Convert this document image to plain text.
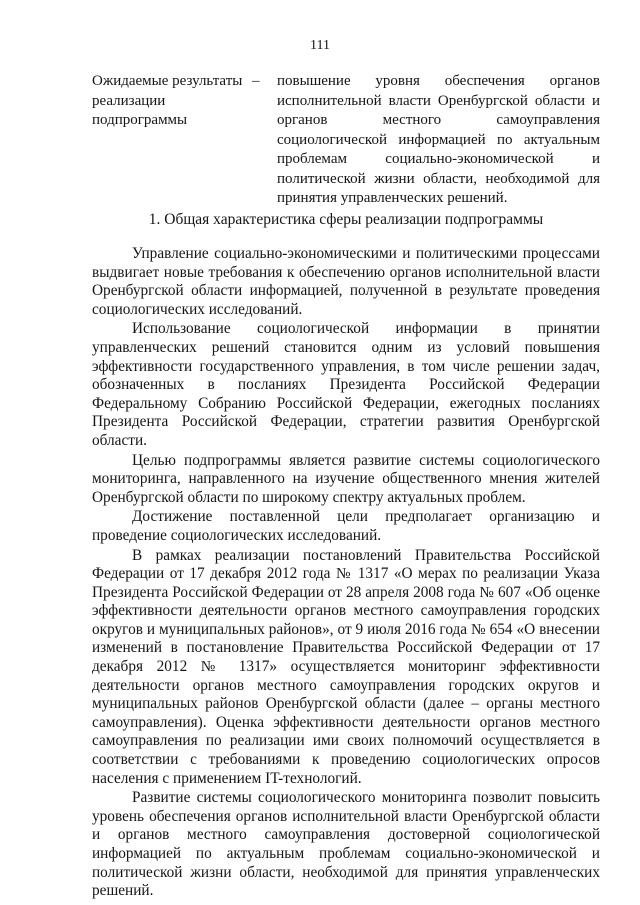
111
Ожидаемые результаты реализации подпрограммы
– повышение уровня обеспечения органов исполнительной власти Оренбургской области и органов местного самоуправления социологической информацией по актуальным проблемам социально-экономической и политической жизни области, необходимой для принятия управленческих решений.
1. Общая характеристика сферы реализации подпрограммы

Управление социально-экономическими и политическими процессами выдвигает новые требования к обеспечению органов исполнительной власти Оренбургской области информацией, полученной в результате проведения социологических исследований.

Использование социологической информации в принятии управленческих решений становится одним из условий повышения эффективности государственного управления, в том числе решении задач, обозначенных в посланиях Президента Российской Федерации Федеральному Собранию Российской Федерации, ежегодных посланиях Президента Российской Федерации, стратегии развития Оренбургской области.

Целью подпрограммы является развитие системы социологического мониторинга, направленного на изучение общественного мнения жителей Оренбургской области по широкому спектру актуальных проблем.

Достижение поставленной цели предполагает организацию и проведение социологических исследований.

В рамках реализации постановлений Правительства Российской Федерации от 17 декабря 2012 года № 1317 «О мерах по реализации Указа Президента Российской Федерации от 28 апреля 2008 года № 607 «Об оценке эффективности деятельности органов местного самоуправления городских округов и муниципальных районов», от 9 июля 2016 года № 654 «О внесении изменений в постановление Правительства Российской Федерации от 17 декабря 2012 № 1317» осуществляется мониторинг эффективности деятельности органов местного самоуправления городских округов и муниципальных районов Оренбургской области (далее – органы местного самоуправления). Оценка эффективности деятельности органов местного самоуправления по реализации ими своих полномочий осуществляется в соответствии с требованиями к проведению социологических опросов населения с применением IT-технологий.

Развитие системы социологического мониторинга позволит повысить уровень обеспечения органов исполнительной власти Оренбургской области и органов местного самоуправления достоверной социологической информацией по актуальным проблемам социально-экономической и политической жизни области, необходимой для принятия управленческих решений.
